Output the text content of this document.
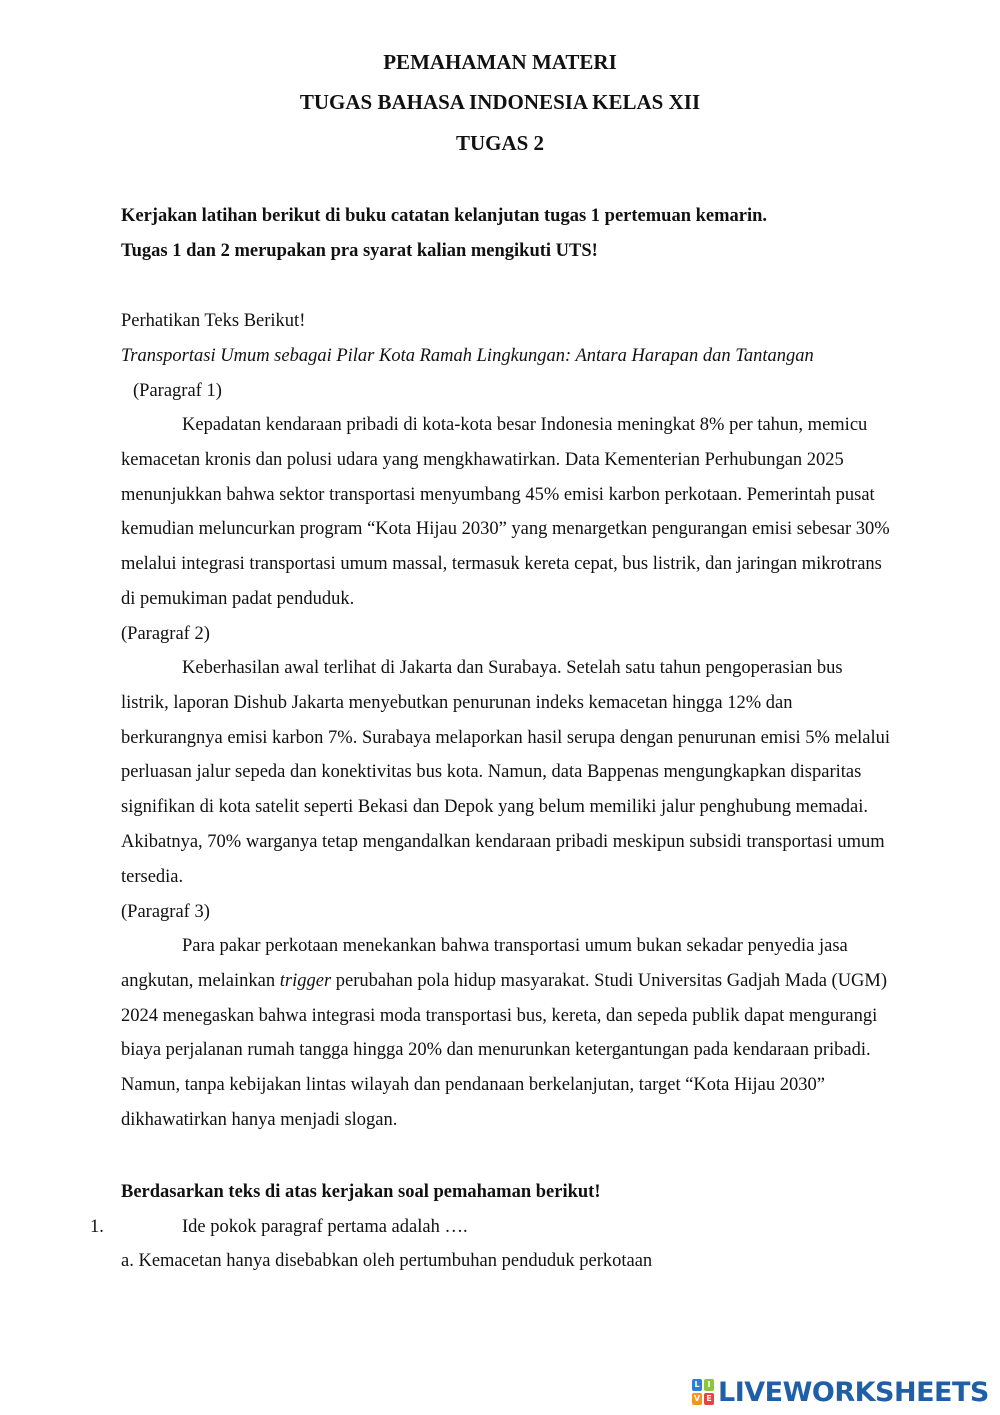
PEMAHAMAN MATERI
TUGAS BAHASA INDONESIA KELAS XII
TUGAS 2
Kerjakan latihan berikut di buku catatan kelanjutan tugas 1 pertemuan kemarin.
Tugas 1 dan 2 merupakan pra syarat kalian mengikuti UTS!
Perhatikan Teks Berikut!
Transportasi Umum sebagai Pilar Kota Ramah Lingkungan: Antara Harapan dan Tantangan
(Paragraf 1)

Kepadatan kendaraan pribadi di kota-kota besar Indonesia meningkat 8% per tahun, memicu kemacetan kronis dan polusi udara yang mengkhawatirkan. Data Kementerian Perhubungan 2025 menunjukkan bahwa sektor transportasi menyumbang 45% emisi karbon perkotaan. Pemerintah pusat kemudian meluncurkan program “Kota Hijau 2030” yang menargetkan pengurangan emisi sebesar 30% melalui integrasi transportasi umum massal, termasuk kereta cepat, bus listrik, dan jaringan mikrotrans di pemukiman padat penduduk.

(Paragraf 2)

Keberhasilan awal terlihat di Jakarta dan Surabaya. Setelah satu tahun pengoperasian bus listrik, laporan Dishub Jakarta menyebutkan penurunan indeks kemacetan hingga 12% dan berkurangnya emisi karbon 7%. Surabaya melaporkan hasil serupa dengan penurunan emisi 5% melalui perluasan jalur sepeda dan konektivitas bus kota. Namun, data Bappenas mengungkapkan disparitas signifikan di kota satelit seperti Bekasi dan Depok yang belum memiliki jalur penghubung memadai. Akibatnya, 70% warganya tetap mengandalkan kendaraan pribadi meskipun subsidi transportasi umum tersedia.

(Paragraf 3)

Para pakar perkotaan menekankan bahwa transportasi umum bukan sekadar penyedia jasa angkutan, melainkan trigger perubahan pola hidup masyarakat. Studi Universitas Gadjah Mada (UGM) 2024 menegaskan bahwa integrasi moda transportasi bus, kereta, dan sepeda publik dapat mengurangi biaya perjalanan rumah tangga hingga 20% dan menurunkan ketergantungan pada kendaraan pribadi. Namun, tanpa kebijakan lintas wilayah dan pendanaan berkelanjutan, target “Kota Hijau 2030” dikhawatirkan hanya menjadi slogan.

Berdasarkan teks di atas kerjakan soal pemahaman berikut!
1.	Ide pokok paragraf pertama adalah ….
a. Kemacetan hanya disebabkan oleh pertumbuhan penduduk perkotaan
L I
V E LIVEWORKSHEETS
